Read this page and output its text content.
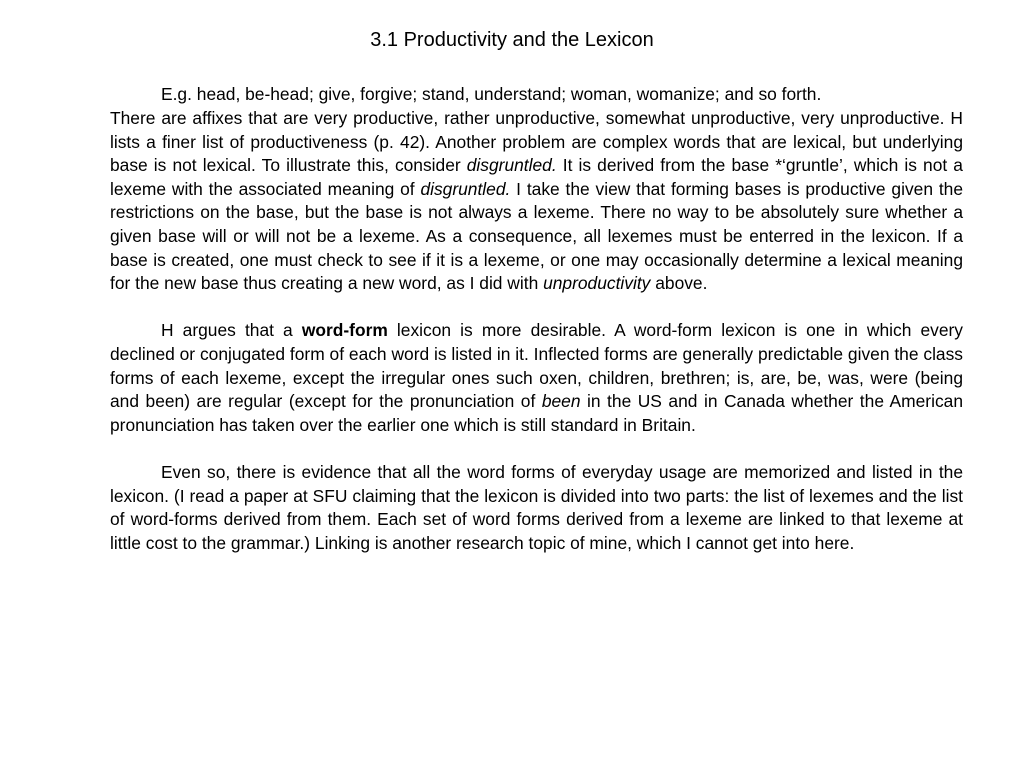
3.1 Productivity and the Lexicon

E.g. head, be-head; give, forgive; stand, understand; woman, womanize; and so forth.

There are affixes that are very productive, rather unproductive, somewhat unproductive, very unproductive. H lists a finer list of productiveness (p. 42). Another problem are complex words that are lexical, but underlying base is not lexical. To illustrate this, consider disgruntled. It is derived from the base *‘gruntle’, which is not a lexeme with the associated meaning of disgruntled. I take the view that forming bases is productive given the restrictions on the base, but the base is not always a lexeme. There no way to be absolutely sure whether a given base will or will not be a lexeme. As a consequence, all lexemes must be enterred in the lexicon. If a base is created, one must check to see if it is a lexeme, or one may occasionally determine a lexical meaning for the new base thus creating a new word, as I did with unproductivity above.

H argues that a word-form lexicon is more desirable. A word-form lexicon is one in which every declined or conjugated form of each word is listed in it. Inflected forms are generally predictable given the class forms of each lexeme, except the irregular ones such oxen, children, brethren; is, are, be, was, were (being and been) are regular (except for the pronunciation of been in the US and in Canada whether the American pronunciation has taken over the earlier one which is still standard in Britain.

Even so, there is evidence that all the word forms of everyday usage are memorized and listed in the lexicon. (I read a paper at SFU claiming that the lexicon is divided into two parts: the list of lexemes and the list of word-forms derived from them. Each set of word forms derived from a lexeme are linked to that lexeme at little cost to the grammar.) Linking is another research topic of mine, which I cannot get into here.
